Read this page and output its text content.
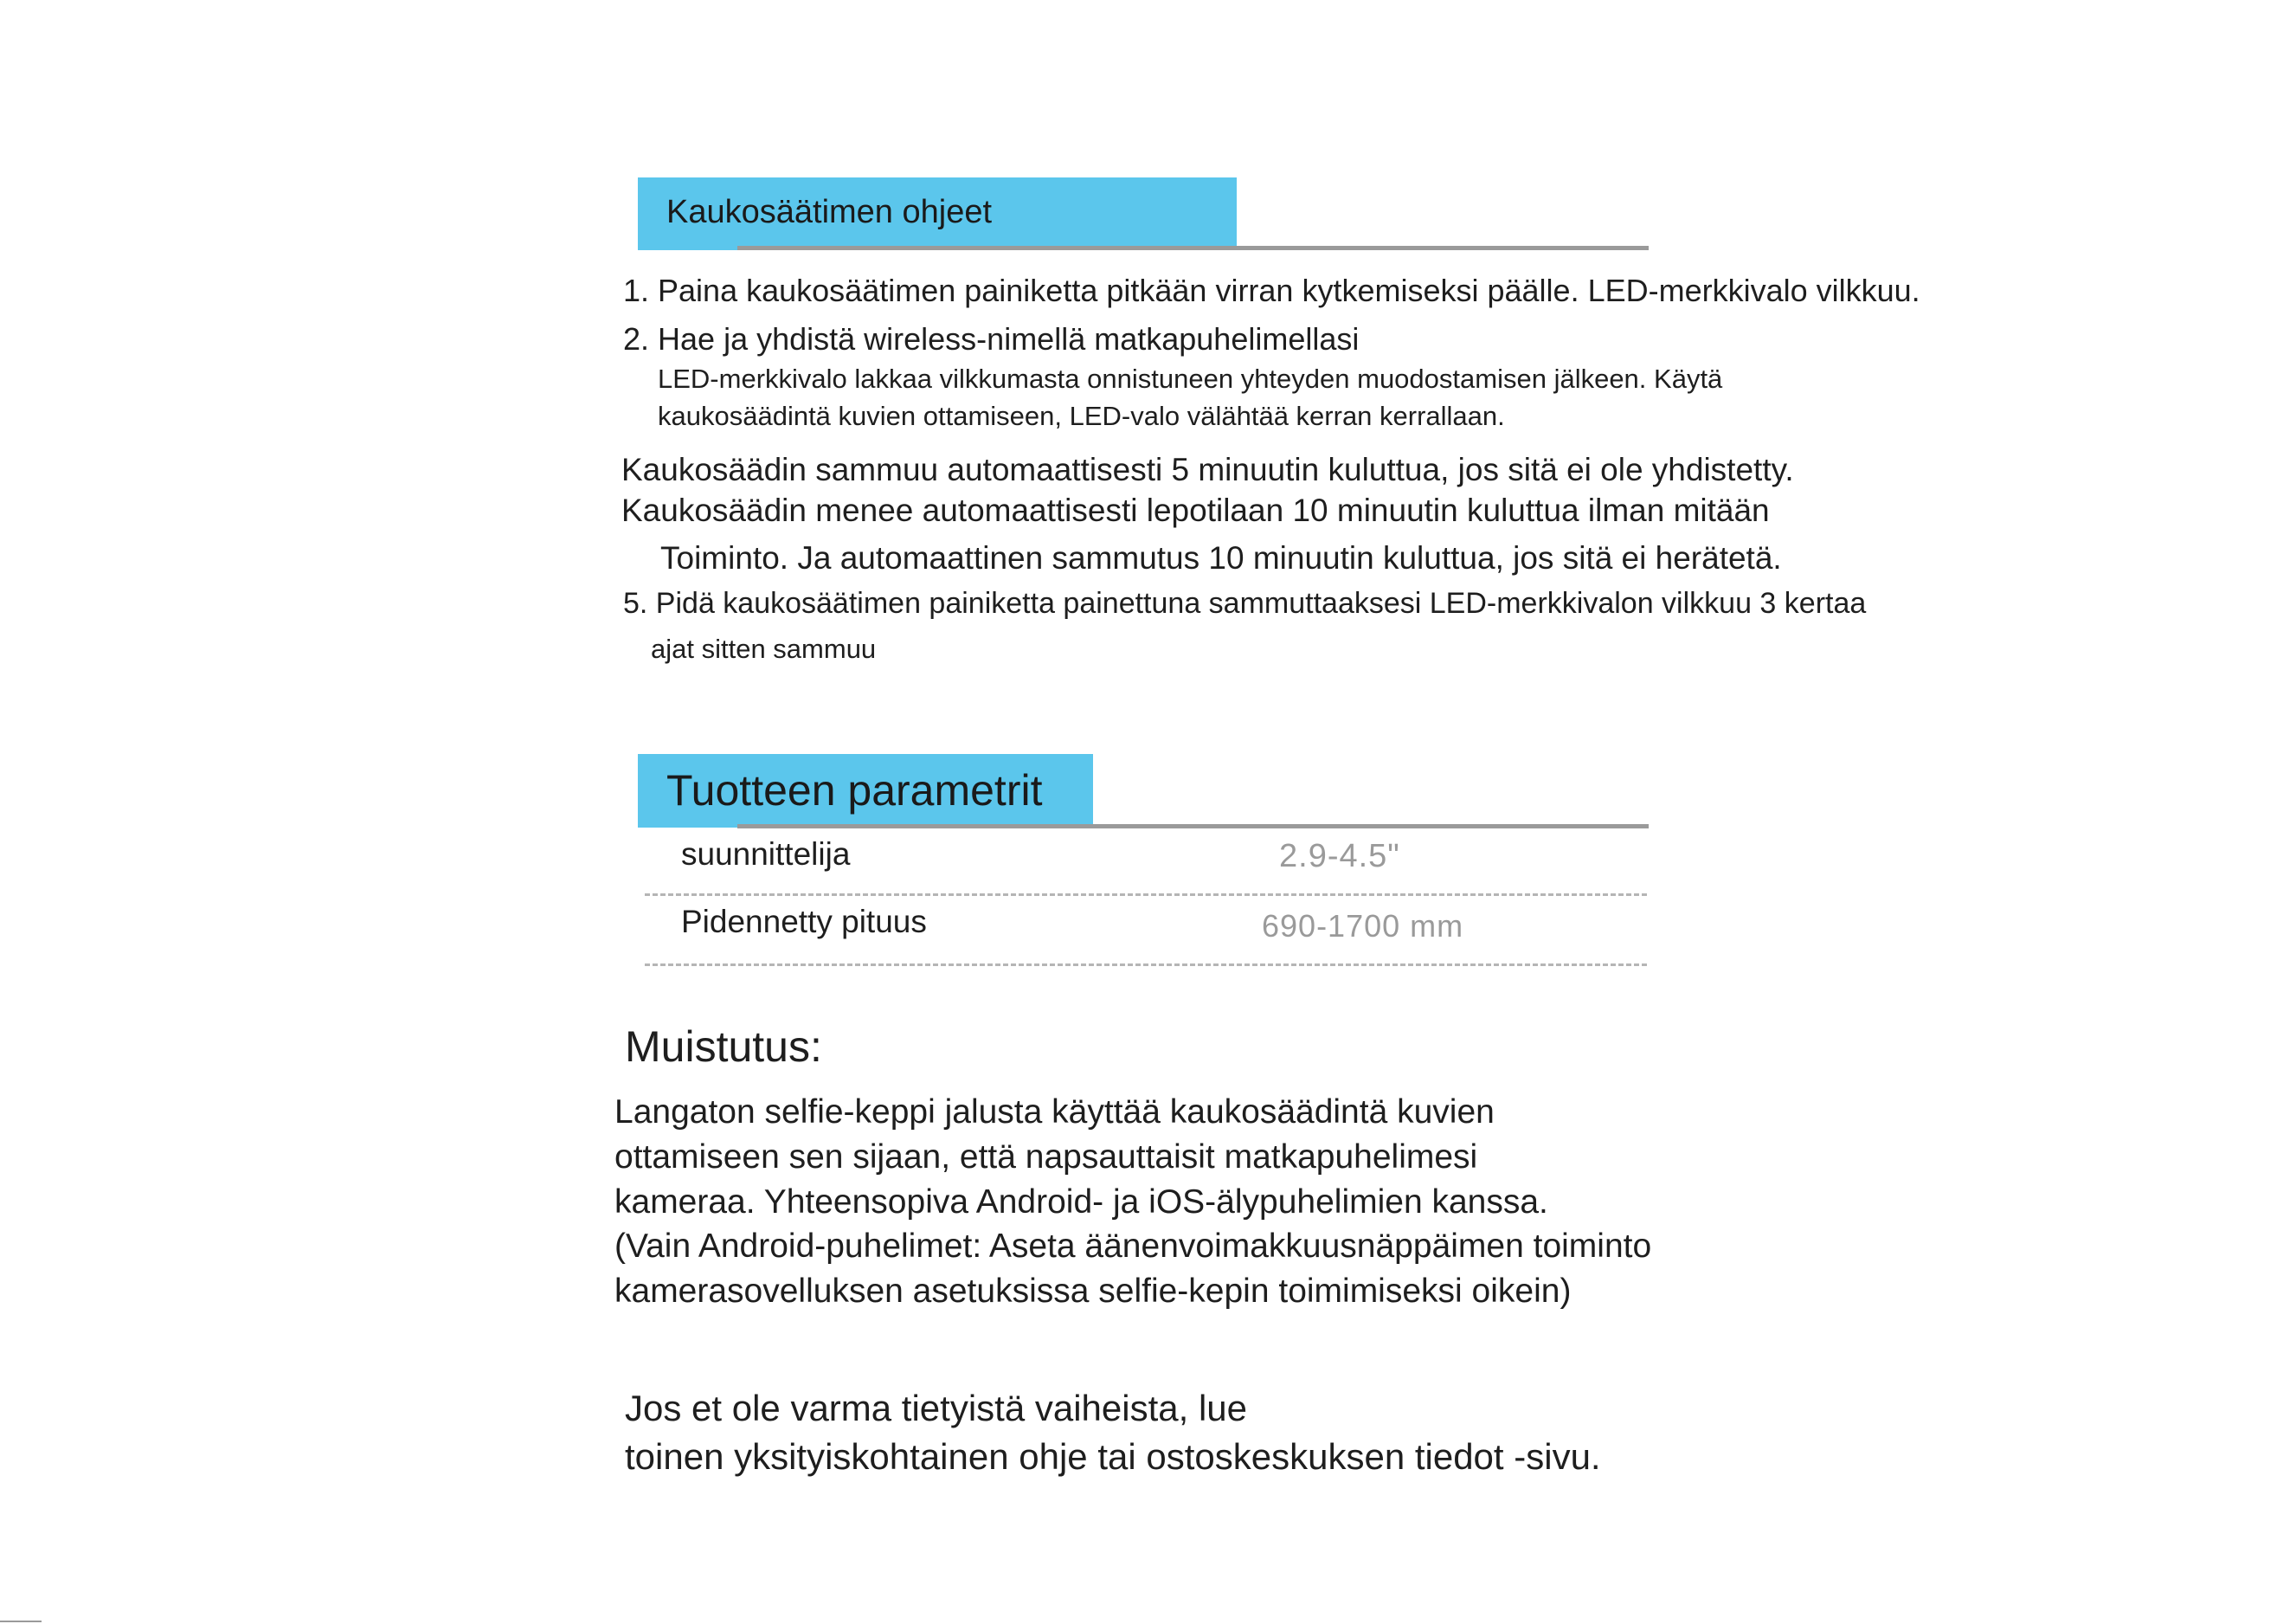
Kaukosäätimen ohjeet
1. Paina kaukosäätimen painiketta pitkään virran kytkemiseksi päälle. LED-merkkivalo vilkkuu.
2. Hae ja yhdistä wireless-nimellä matkapuhelimellasi
LED-merkkivalo lakkaa vilkkumasta onnistuneen yhteyden muodostamisen jälkeen. Käytä
kaukosäädintä kuvien ottamiseen, LED-valo välähtää kerran kerrallaan.
Kaukosäädin sammuu automaattisesti 5 minuutin kuluttua, jos sitä ei ole yhdistetty.
Kaukosäädin menee automaattisesti lepotilaan 10 minuutin kuluttua ilman mitään
Toiminto. Ja automaattinen sammutus 10 minuutin kuluttua, jos sitä ei herätetä.
5. Pidä kaukosäätimen painiketta painettuna sammuttaaksesi LED-merkkivalon vilkkuu 3 kertaa
ajat sitten sammuu
Tuotteen parametrit
suunnittelija	2.9-4.5"
Pidennetty pituus	690-1700 mm
Muistutus:
Langaton selfie-keppi jalusta käyttää kaukosäädintä kuvien
ottamiseen sen sijaan, että napsauttaisit matkapuhelimesi
kameraa. Yhteensopiva Android- ja iOS-älypuhelimien kanssa.
(Vain Android-puhelimet: Aseta äänenvoimakkuusnäppäimen toiminto
kamerasovelluksen asetuksissa selfie-kepin toimimiseksi oikein)
Jos et ole varma tietyistä vaiheista, lue
toinen yksityiskohtainen ohje tai ostoskeskuksen tiedot -sivu.
